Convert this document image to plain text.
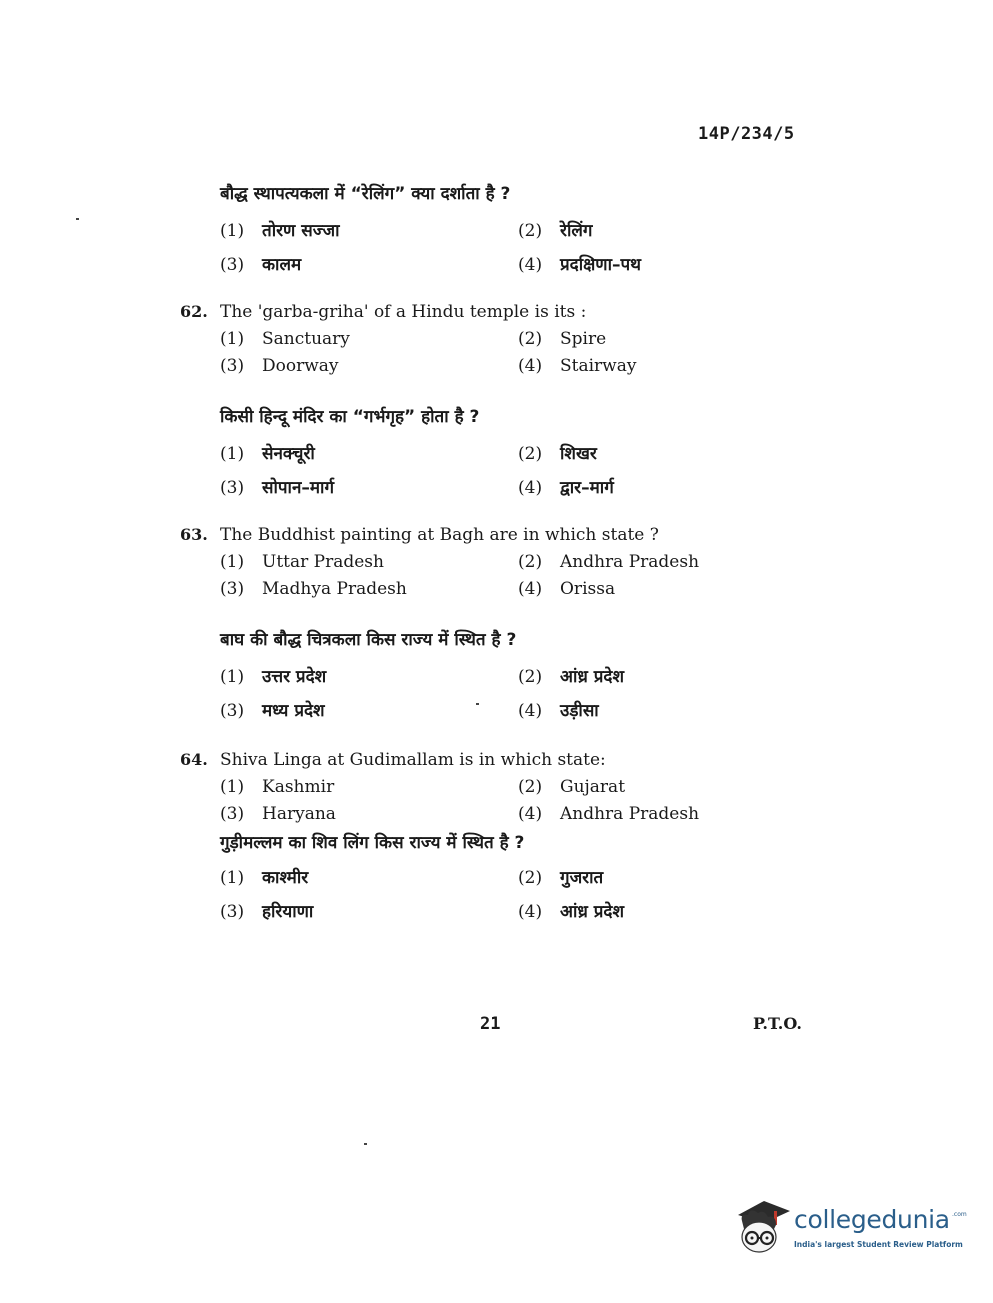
14P/234/5
बौद्ध स्थापत्यकला में “रेलिंग” क्या दर्शाता है ?
(1) तोरण सज्जा	(2) रेलिंग
(3) कालम	(4) प्रदक्षिणा–पथ
62. The 'garba-griha' of a Hindu temple is its :
(1) Sanctuary	(2) Spire
(3) Doorway	(4) Stairway
किसी हिन्दू मंदिर का “गर्भगृह” होता है ?
(1) सेनक्चूरी	(2) शिखर
(3) सोपान–मार्ग	(4) द्वार–मार्ग
63. The Buddhist painting at Bagh are in which state ?
(1) Uttar Pradesh	(2) Andhra Pradesh
(3) Madhya Pradesh	(4) Orissa
बाघ की बौद्ध चित्रकला किस राज्य में स्थित है ?
(1) उत्तर प्रदेश	(2) आंध्र प्रदेश
(3) मध्य प्रदेश	(4) उड़ीसा
64. Shiva Linga at Gudimallam is in which state:
(1) Kashmir	(2) Gujarat
(3) Haryana	(4) Andhra Pradesh
गुड़ीमल्लम का शिव लिंग किस राज्य में स्थित है ?
(1) काश्मीर	(2) गुजरात
(3) हरियाणा	(4) आंध्र प्रदेश
21	P.T.O.
collegedunia .com
India's largest Student Review Platform
